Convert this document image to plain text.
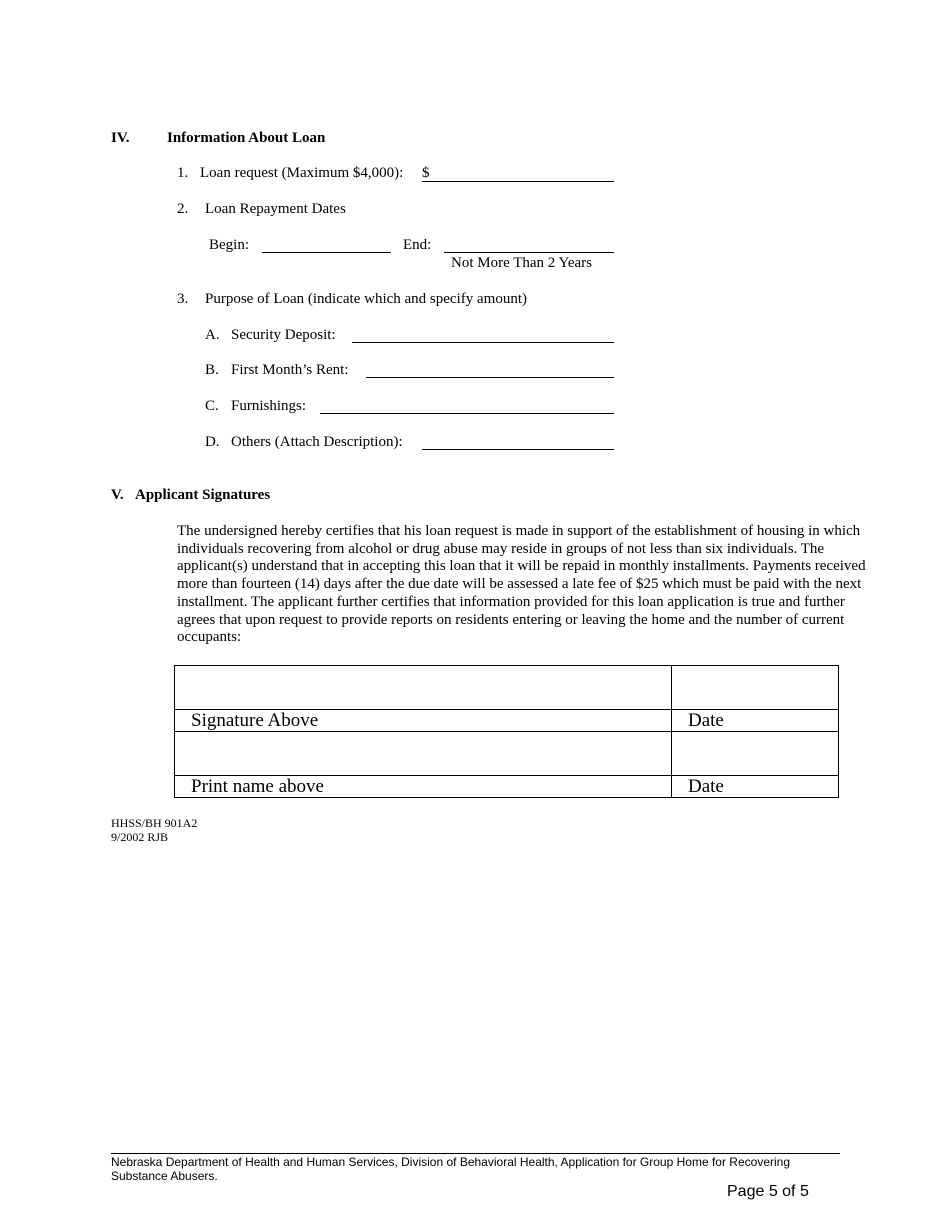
IV.	Information About Loan
1. Loan request (Maximum $4,000): $
2. Loan Repayment Dates
Begin:	End:
Not More Than 2 Years
3. Purpose of Loan (indicate which and specify amount)
A. Security Deposit:
B. First Month’s Rent:
C. Furnishings:
D. Others (Attach Description):
V. Applicant Signatures
The undersigned hereby certifies that his loan request is made in support of the establishment of housing in which individuals recovering from alcohol or drug abuse may reside in groups of not less than six individuals. The applicant(s) understand that in accepting this loan that it will be repaid in monthly installments. Payments received more than fourteen (14) days after the due date will be assessed a late fee of $25 which must be paid with the next installment. The applicant further certifies that information provided for this loan application is true and further agrees that upon request to provide reports on residents entering or leaving the home and the number of current occupants:

Signature Above	Date

Print name above	Date
HHSS/BH 901A2
9/2002 RJB
Nebraska Department of Health and Human Services, Division of Behavioral Health, Application for Group Home for Recovering Substance Abusers.
Page 5 of 5
